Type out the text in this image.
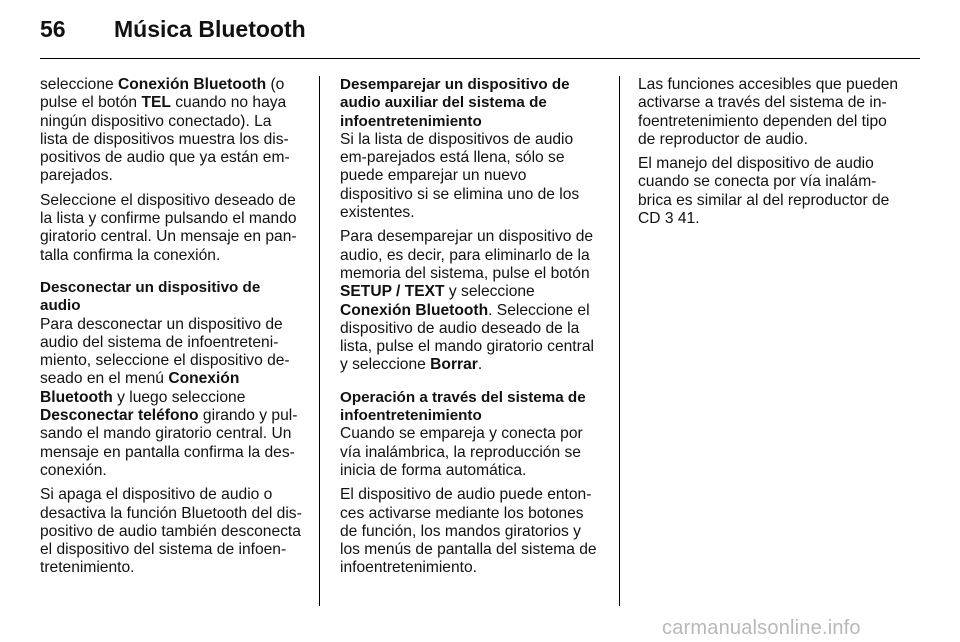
56 Música Bluetooth

seleccione Conexión Bluetooth (o pulse el botón TEL cuando no haya ningún dispositivo conectado). La lista de dispositivos muestra los dis-positivos de audio que ya están em-parejados.

Seleccione el dispositivo deseado de la lista y confirme pulsando el mando giratorio central. Un mensaje en pan-talla confirma la conexión.

Desconectar un dispositivo de audio

Para desconectar un dispositivo de audio del sistema de infoentreteni-miento, seleccione el dispositivo de-seado en el menú Conexión Bluetooth y luego seleccione Desconectar teléfono girando y pul-sando el mando giratorio central. Un mensaje en pantalla confirma la des-conexión.

Si apaga el dispositivo de audio o desactiva la función Bluetooth del dis-positivo de audio también desconecta el dispositivo del sistema de infoen-tretenimiento.

Desemparejar un dispositivo de audio auxiliar del sistema de infoentretenimiento

Si la lista de dispositivos de audio em-parejados está llena, sólo se puede emparejar un nuevo dispositivo si se elimina uno de los existentes.

Para desemparejar un dispositivo de audio, es decir, para eliminarlo de la memoria del sistema, pulse el botón SETUP / TEXT y seleccione Conexión Bluetooth. Seleccione el dispositivo de audio deseado de la lista, pulse el mando giratorio central y seleccione Borrar.

Operación a través del sistema de infoentretenimiento

Cuando se empareja y conecta por vía inalámbrica, la reproducción se inicia de forma automática.

El dispositivo de audio puede enton-ces activarse mediante los botones de función, los mandos giratorios y los menús de pantalla del sistema de infoentretenimiento.

Las funciones accesibles que pueden activarse a través del sistema de in-foentretenimiento dependen del tipo de reproductor de audio.

El manejo del dispositivo de audio cuando se conecta por vía inalám-brica es similar al del reproductor de CD 3 41.

carmanualsonline.info
